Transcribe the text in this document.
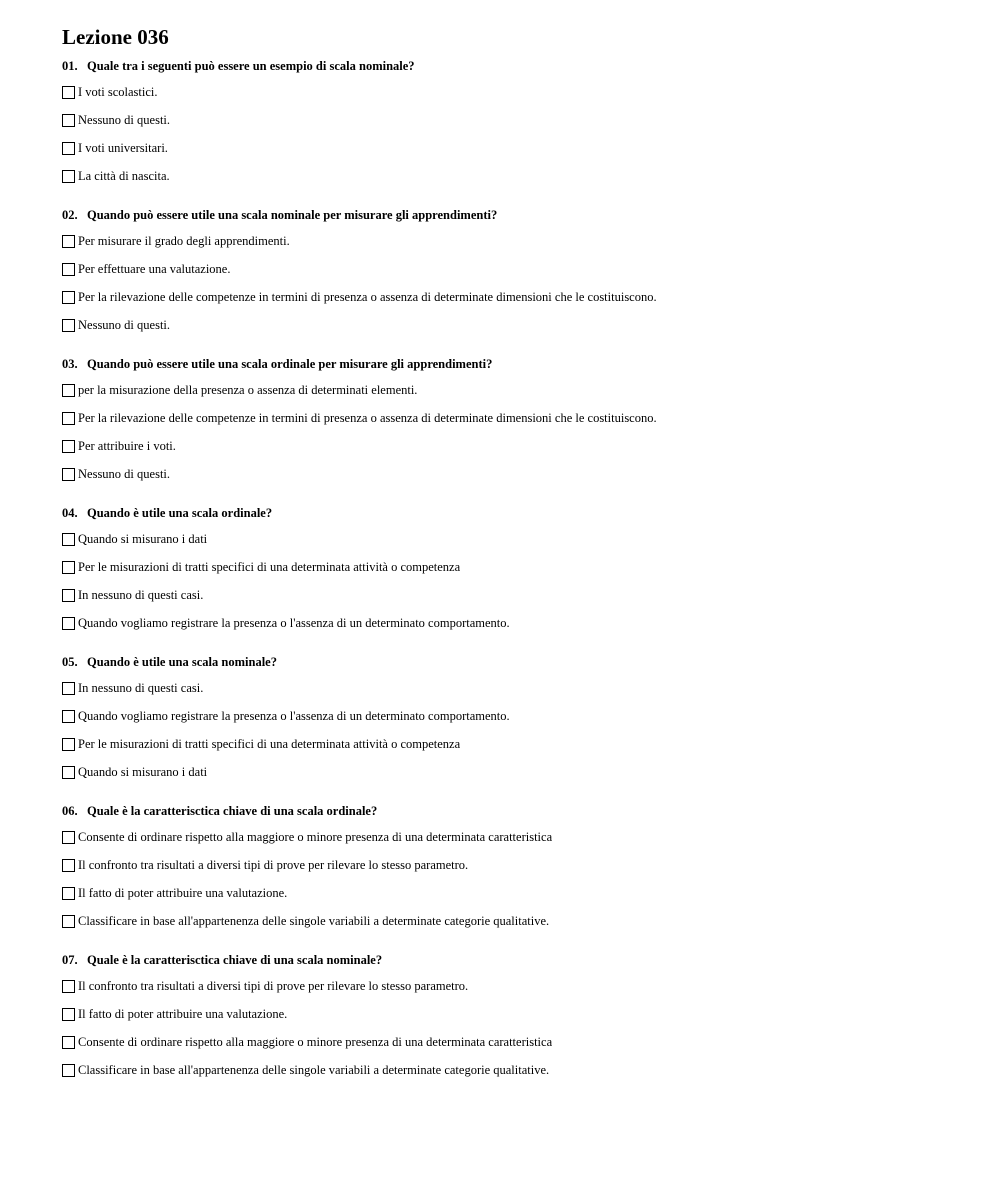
Lezione 036
01. Quale tra i seguenti può essere un esempio di scala nominale?
I voti scolastici.
Nessuno di questi.
I voti universitari.
La città di nascita.
02. Quando può essere utile una scala nominale per misurare gli apprendimenti?
Per misurare il grado degli apprendimenti.
Per effettuare una valutazione.
Per la rilevazione delle competenze in termini di presenza o assenza di determinate dimensioni che le costituiscono.
Nessuno di questi.
03. Quando può essere utile una scala ordinale per misurare gli apprendimenti?
per la misurazione della presenza o assenza di determinati elementi.
Per la rilevazione delle competenze in termini di presenza o assenza di determinate dimensioni che le costituiscono.
Per attribuire i voti.
Nessuno di questi.
04. Quando è utile una scala ordinale?
Quando si misurano i dati
Per le misurazioni di tratti specifici di una determinata attività o competenza
In nessuno di questi casi.
Quando vogliamo registrare la presenza o l'assenza di un determinato comportamento.
05. Quando è utile una scala nominale?
In nessuno di questi casi.
Quando vogliamo registrare la presenza o l'assenza di un determinato comportamento.
Per le misurazioni di tratti specifici di una determinata attività o competenza
Quando si misurano i dati
06. Quale è la caratterisctica chiave di una scala ordinale?
Consente di ordinare rispetto alla maggiore o minore presenza di una determinata caratteristica
Il confronto tra risultati a diversi tipi di prove per rilevare lo stesso parametro.
Il fatto di poter attribuire una valutazione.
Classificare in base all'appartenenza delle singole variabili a determinate categorie qualitative.
07. Quale è la caratterisctica chiave di una scala nominale?
Il confronto tra risultati a diversi tipi di prove per rilevare lo stesso parametro.
Il fatto di poter attribuire una valutazione.
Consente di ordinare rispetto alla maggiore o minore presenza di una determinata caratteristica
Classificare in base all'appartenenza delle singole variabili a determinate categorie qualitative.
